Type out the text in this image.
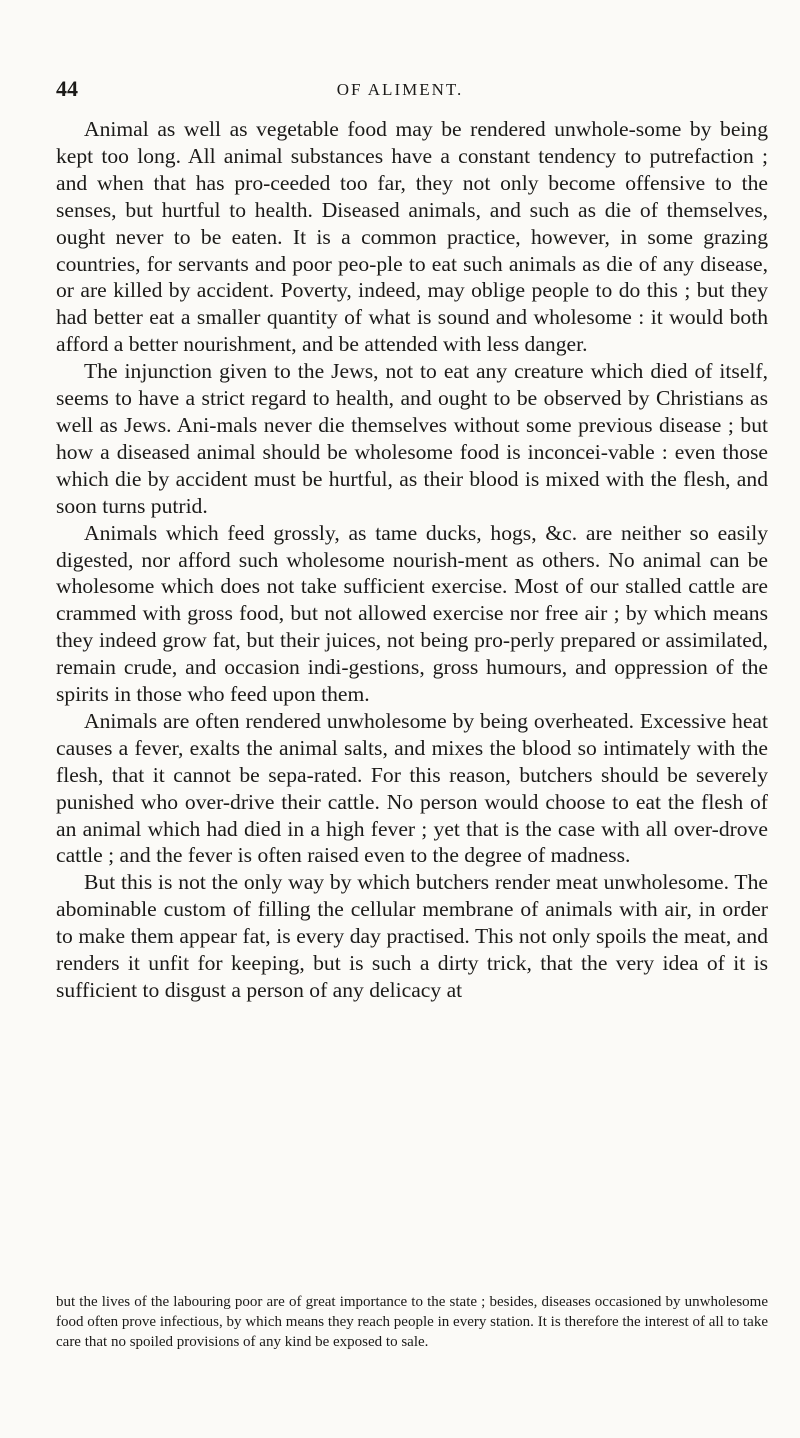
44	OF ALIMENT.

Animal as well as vegetable food may be rendered unwhole-some by being kept too long. All animal substances have a constant tendency to putrefaction ; and when that has pro-ceeded too far, they not only become offensive to the senses, but hurtful to health. Diseased animals, and such as die of themselves, ought never to be eaten. It is a common practice, however, in some grazing countries, for servants and poor peo-ple to eat such animals as die of any disease, or are killed by accident. Poverty, indeed, may oblige people to do this ; but they had better eat a smaller quantity of what is sound and wholesome : it would both afford a better nourishment, and be attended with less danger.

The injunction given to the Jews, not to eat any creature which died of itself, seems to have a strict regard to health, and ought to be observed by Christians as well as Jews. Ani-mals never die themselves without some previous disease ; but how a diseased animal should be wholesome food is inconcei-vable : even those which die by accident must be hurtful, as their blood is mixed with the flesh, and soon turns putrid.

Animals which feed grossly, as tame ducks, hogs, &c. are neither so easily digested, nor afford such wholesome nourish-ment as others. No animal can be wholesome which does not take sufficient exercise. Most of our stalled cattle are crammed with gross food, but not allowed exercise nor free air ; by which means they indeed grow fat, but their juices, not being pro-perly prepared or assimilated, remain crude, and occasion indi-gestions, gross humours, and oppression of the spirits in those who feed upon them.

Animals are often rendered unwholesome by being overheated. Excessive heat causes a fever, exalts the animal salts, and mixes the blood so intimately with the flesh, that it cannot be sepa-rated. For this reason, butchers should be severely punished who over-drive their cattle. No person would choose to eat the flesh of an animal which had died in a high fever ; yet that is the case with all over-drove cattle ; and the fever is often raised even to the degree of madness.

But this is not the only way by which butchers render meat unwholesome. The abominable custom of filling the cellular membrane of animals with air, in order to make them appear fat, is every day practised. This not only spoils the meat, and renders it unfit for keeping, but is such a dirty trick, that the very idea of it is sufficient to disgust a person of any delicacy at

but the lives of the labouring poor are of great importance to the state ; besides, diseases occasioned by unwholesome food often prove infectious, by which means they reach people in every station. It is therefore the interest of all to take care that no spoiled provisions of any kind be exposed to sale.
